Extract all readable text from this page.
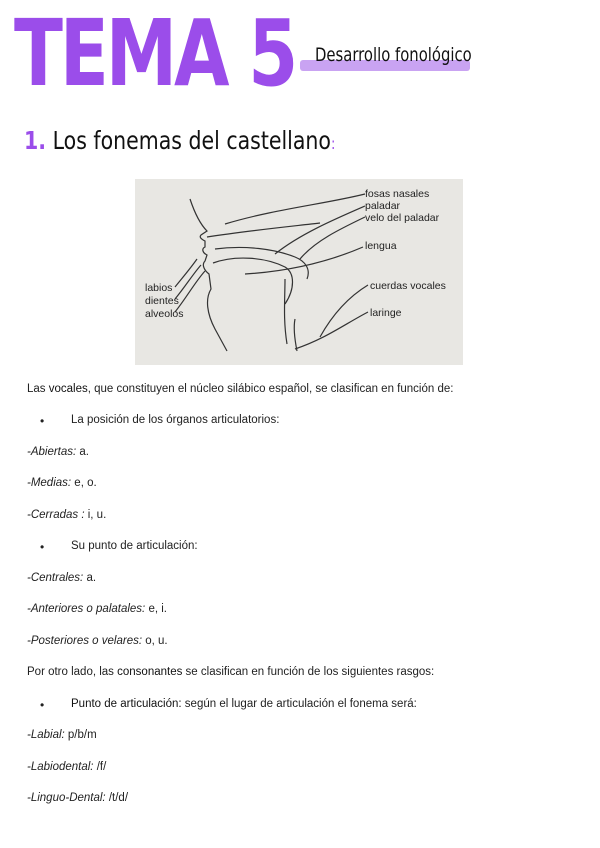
TEMA 5 Desarrollo fonológico
1. Los fonemas del castellano:
fosas nasales
paladar
velo del paladar
lengua
labios
dientes
alveolos
cuerdas vocales
laringe
Las vocales, que constituyen el núcleo silábico español, se clasifican en función de:
• La posición de los órganos articulatorios:
-Abiertas: a.
-Medias: e, o.
-Cerradas : i, u.
• Su punto de articulación:
-Centrales: a.
-Anteriores o palatales: e, i.
-Posteriores o velares: o, u.
Por otro lado, las consonantes se clasifican en función de los siguientes rasgos:
• Punto de articulación: según el lugar de articulación el fonema será:
-Labial: p/b/m
-Labiodental: /f/
-Linguo-Dental: /t/d/
